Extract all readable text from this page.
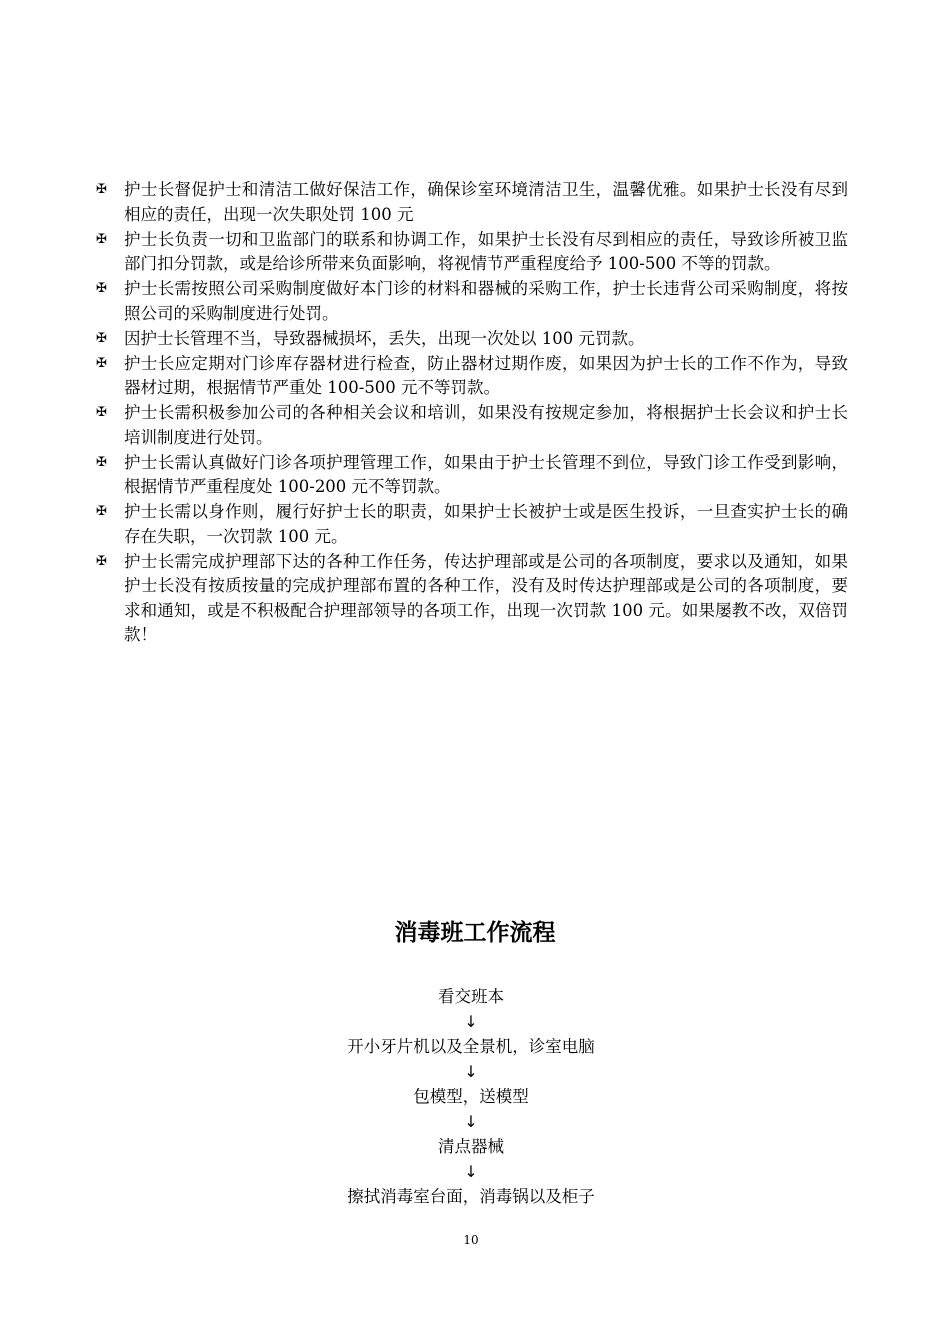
✠ 护士长督促护士和清洁工做好保洁工作，确保诊室环境清洁卫生，温馨优雅。如果护士长没有尽到相应的责任，出现一次失职处罚 100 元
✠ 护士长负责一切和卫监部门的联系和协调工作，如果护士长没有尽到相应的责任，导致诊所被卫监部门扣分罚款，或是给诊所带来负面影响，将视情节严重程度给予 100-500 不等的罚款。
✠ 护士长需按照公司采购制度做好本门诊的材料和器械的采购工作，护士长违背公司采购制度，将按照公司的采购制度进行处罚。
✠ 因护士长管理不当，导致器械损坏，丢失，出现一次处以 100 元罚款。
✠ 护士长应定期对门诊库存器材进行检查，防止器材过期作废，如果因为护士长的工作不作为，导致器材过期，根据情节严重处 100-500 元不等罚款。
✠ 护士长需积极参加公司的各种相关会议和培训，如果没有按规定参加，将根据护士长会议和护士长培训制度进行处罚。
✠ 护士长需认真做好门诊各项护理管理工作，如果由于护士长管理不到位，导致门诊工作受到影响，根据情节严重程度处 100-200 元不等罚款。
✠ 护士长需以身作则，履行好护士长的职责，如果护士长被护士或是医生投诉，一旦查实护士长的确存在失职，一次罚款 100 元。
✠ 护士长需完成护理部下达的各种工作任务，传达护理部或是公司的各项制度，要求以及通知，如果护士长没有按质按量的完成护理部布置的各种工作，没有及时传达护理部或是公司的各项制度，要求和通知，或是不积极配合护理部领导的各项工作，出现一次罚款 100 元。如果屡教不改，双倍罚款！
消毒班工作流程
看交班本
↓
开小牙片机以及全景机，诊室电脑
↓
包模型，送模型
↓
清点器械
↓
擦拭消毒室台面，消毒锅以及柜子
10
